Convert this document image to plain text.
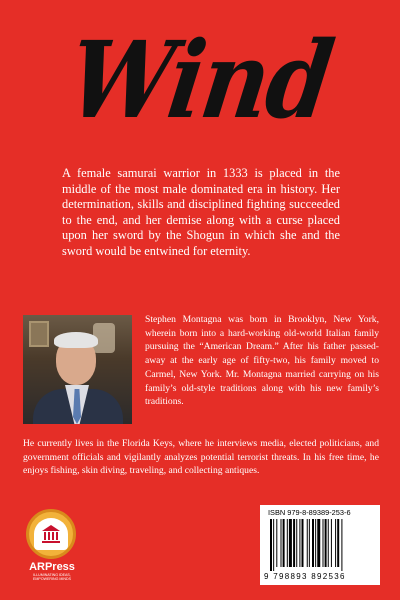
Wind

A female samurai warrior in 1333 is placed in the middle of the most male dominated era in history. Her determination, skills and disciplined fighting succeeded to the end, and her demise along with a curse placed upon her sword by the Shogun in which she and the sword would be entwined for eternity.

Stephen Montagna was born in Brooklyn, New York, wherein born into a hard-working old-world Italian family pursuing the “American Dream.” After his father passed-away at the early age of fifty-two, his family moved to Carmel, New York. Mr. Montagna married carrying on his family’s old-style traditions along with his new family’s traditions.

He currently lives in the Florida Keys, where he interviews media, elected politicians, and government officials and vigilantly analyzes potential terrorist threats. In his free time, he enjoys fishing, skin diving, traveling, and collecting antiques.

ARPress
ILLUMINATING IDEAS, EMPOWERING MINDS
ISBN 979-8-89389-253-6
9 798893 892536
